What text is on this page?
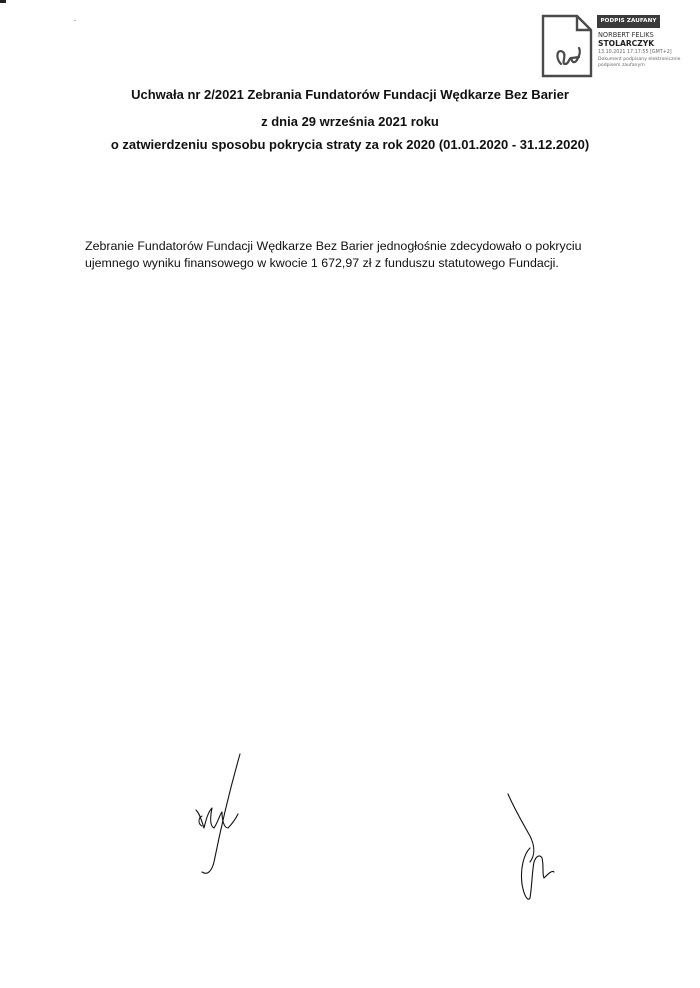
PODPIS ZAUFANY
NORBERT FELIKS
STOLARCZYK
13.10.2021 17:17:55 [GMT+2]
Dokument podpisany elektronicznie podpisem zaufanym
Uchwała nr 2/2021 Zebrania Fundatorów Fundacji Wędkarze Bez Barier
z dnia 29 września 2021 roku
o zatwierdzeniu sposobu pokrycia straty za rok 2020 (01.01.2020 - 31.12.2020)
Zebranie Fundatorów Fundacji Wędkarze Bez Barier jednogłośnie zdecydowało o pokryciu
ujemnego wyniku finansowego w kwocie 1 672,97 zł z funduszu statutowego Fundacji.
